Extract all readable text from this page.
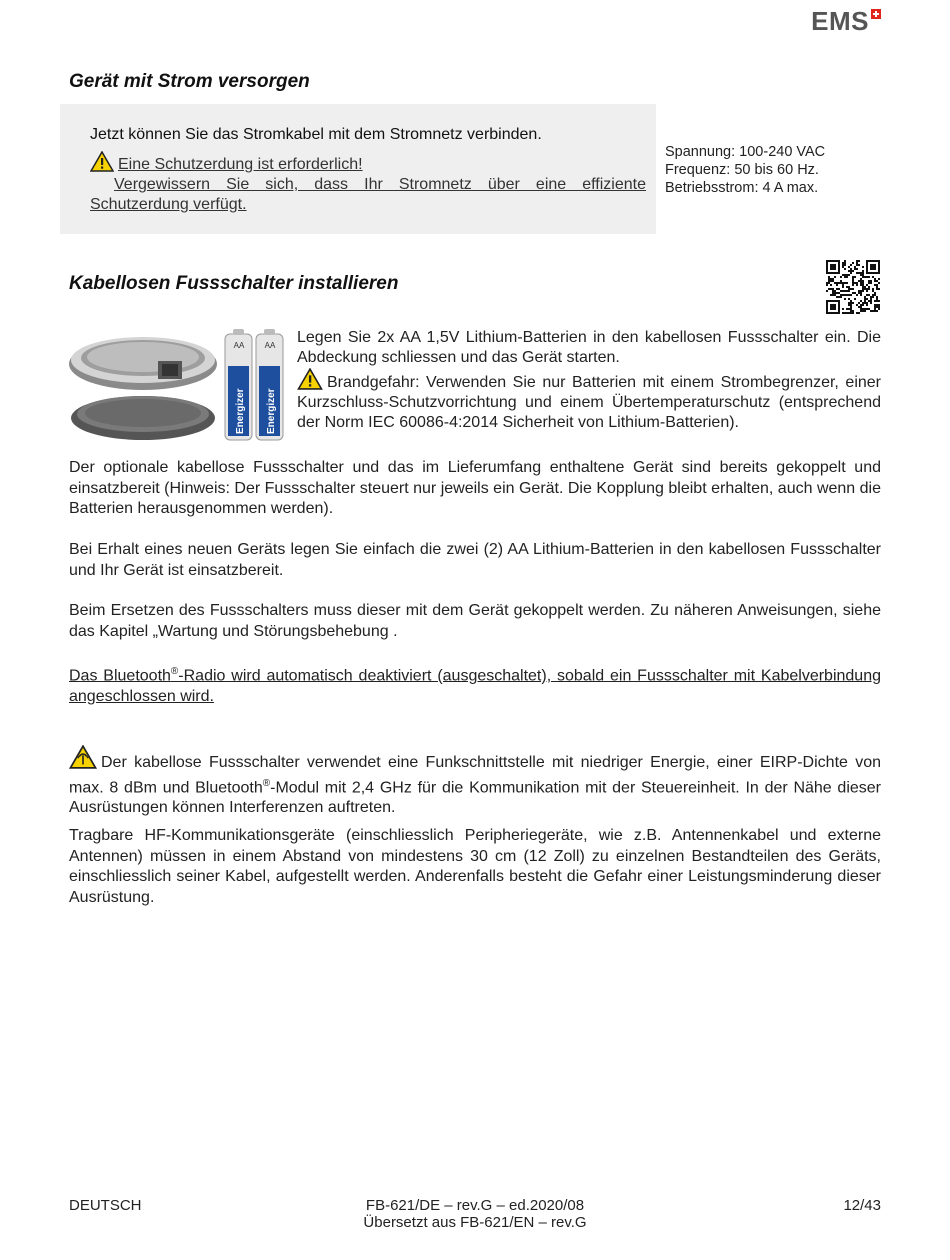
EMS
Gerät mit Strom versorgen
Jetzt können Sie das Stromkabel mit dem Stromnetz verbinden.
Eine Schutzerdung ist erforderlich!
Vergewissern Sie sich, dass Ihr Stromnetz über eine effiziente Schutzerdung verfügt.
Spannung: 100-240 VAC
Frequenz: 50 bis 60 Hz.
Betriebsstrom: 4 A max.
Kabellosen Fussschalter installieren
AA
Energizer
AA
Energizer
Legen Sie 2x AA 1,5V Lithium-Batterien in den kabellosen Fussschalter ein. Die Abdeckung schliessen und das Gerät starten.
Brandgefahr: Verwenden Sie nur Batterien mit einem Strombegrenzer, einer Kurzschluss-Schutzvorrichtung und einem Übertemperaturschutz (entsprechend der Norm IEC 60086-4:2014 Sicherheit von Lithium-Batterien).

Der optionale kabellose Fussschalter und das im Lieferumfang enthaltene Gerät sind bereits gekoppelt und einsatzbereit (Hinweis: Der Fussschalter steuert nur jeweils ein Gerät. Die Kopplung bleibt erhalten, auch wenn die Batterien herausgenommen werden).

Bei Erhalt eines neuen Geräts legen Sie einfach die zwei (2) AA Lithium-Batterien in den kabellosen Fussschalter und Ihr Gerät ist einsatzbereit.

Beim Ersetzen des Fussschalters muss dieser mit dem Gerät gekoppelt werden. Zu näheren Anweisungen, siehe das Kapitel „Wartung und Störungsbehebung .

Das Bluetooth®-Radio wird automatisch deaktiviert (ausgeschaltet), sobald ein Fussschalter mit Kabelverbindung angeschlossen wird.

Der kabellose Fussschalter verwendet eine Funkschnittstelle mit niedriger Energie, einer EIRP-Dichte von max. 8 dBm und Bluetooth®-Modul mit 2,4 GHz für die Kommunikation mit der Steuereinheit. In der Nähe dieser Ausrüstungen können Interferenzen auftreten.

Tragbare HF-Kommunikationsgeräte (einschliesslich Peripheriegeräte, wie z.B. Antennenkabel und externe Antennen) müssen in einem Abstand von mindestens 30 cm (12 Zoll) zu einzelnen Bestandteilen des Geräts, einschliesslich seiner Kabel, aufgestellt werden. Anderenfalls besteht die Gefahr einer Leistungsminderung dieser Ausrüstung.

DEUTSCH	FB-621/DE – rev.G – ed.2020/08
Übersetzt aus FB-621/EN – rev.G
12/43
